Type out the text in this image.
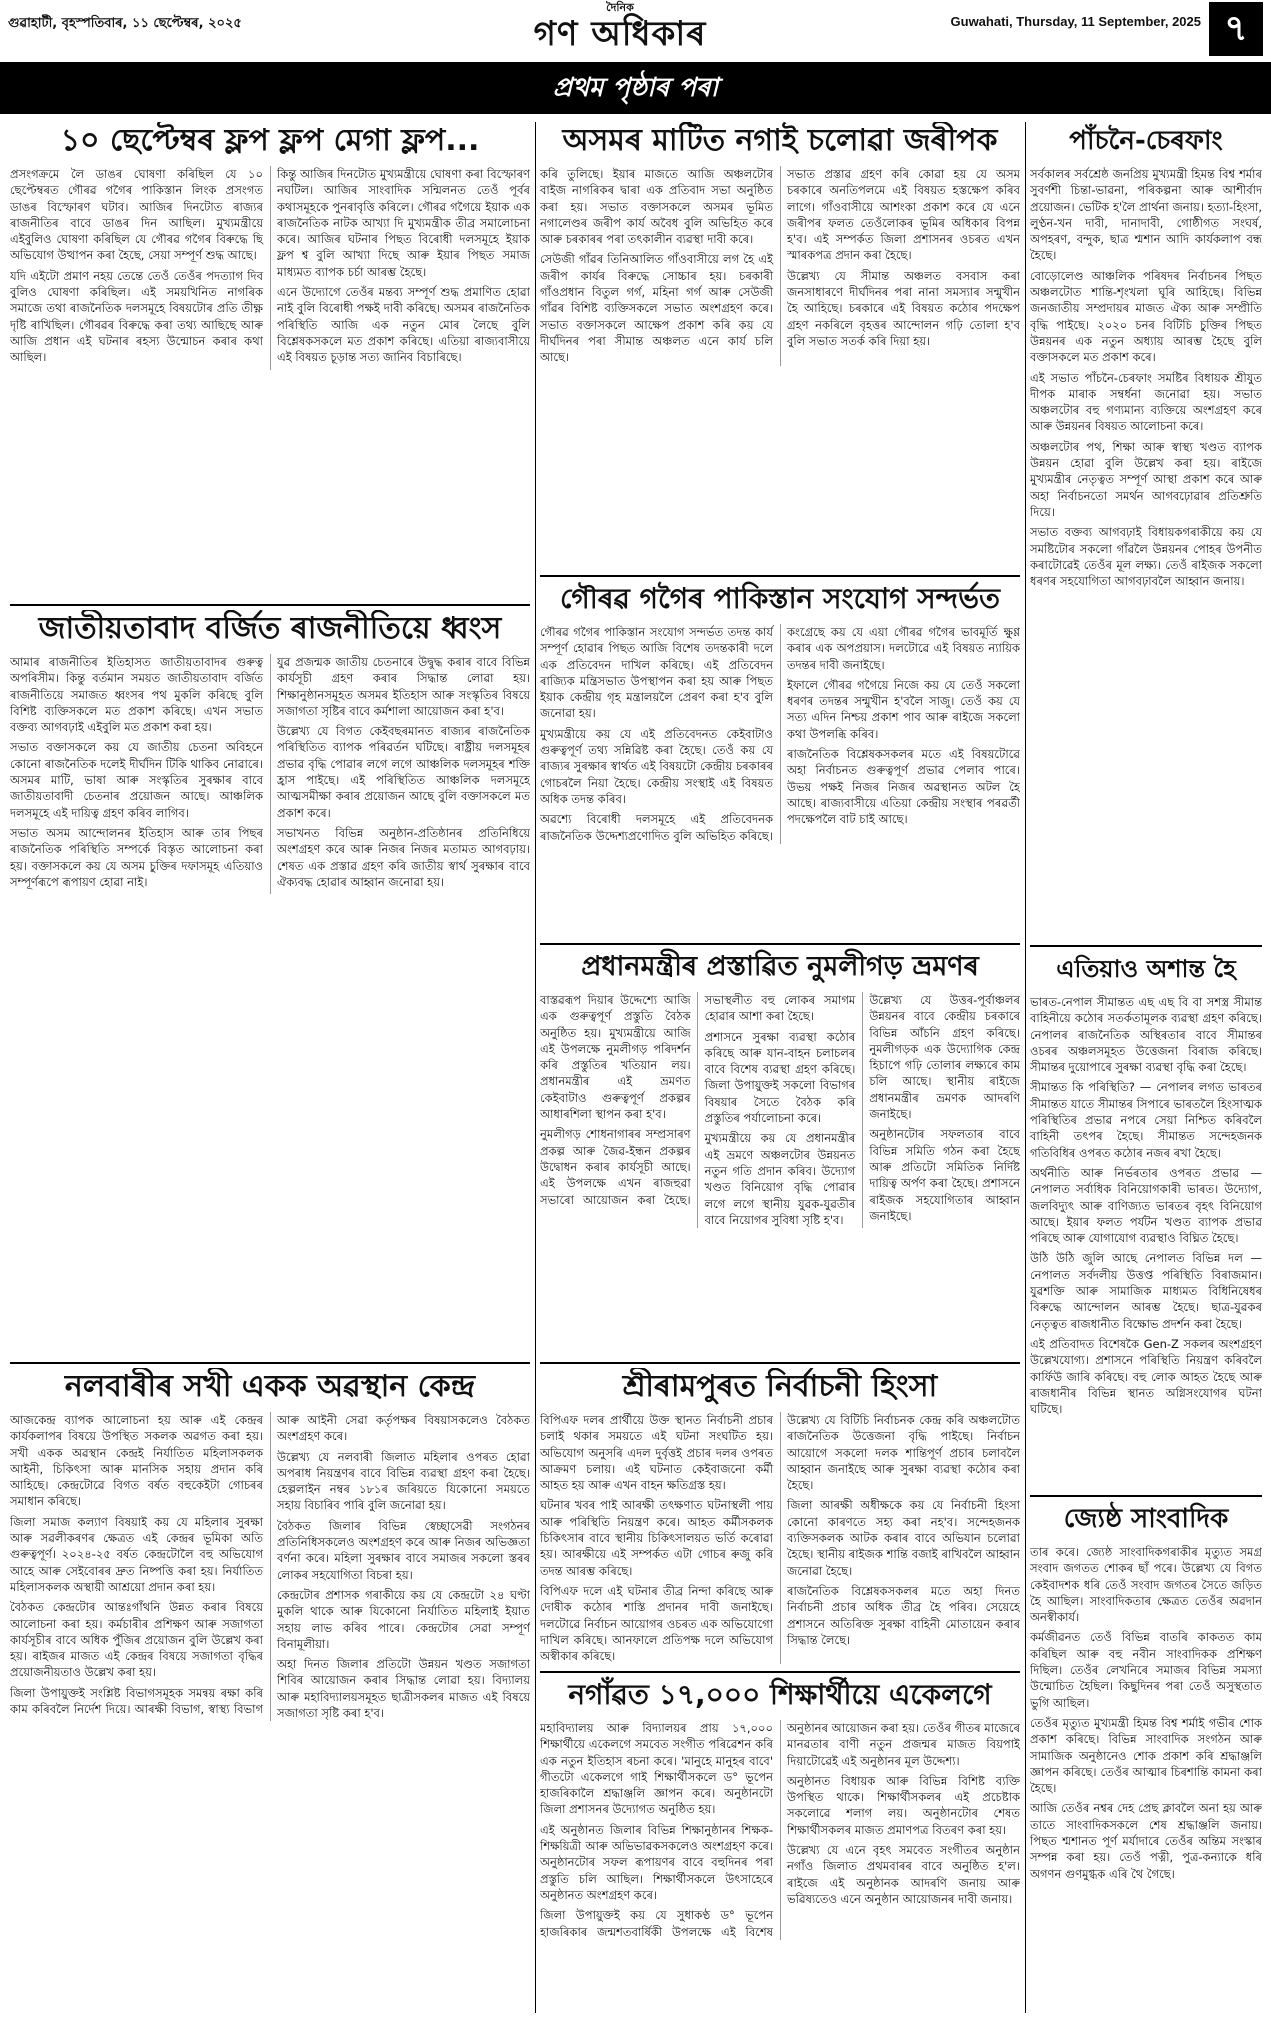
গুৱাহাটী, বৃহস্পতিবাৰ, ১১ ছেপ্টেম্বৰ, ২০২৫
দৈনিক
গণ অধিকাৰ	Guwahati, Thursday, 11 September, 2025 ৭
প্ৰথম পৃষ্ঠাৰ পৰা
১০ ছেপ্টেম্বৰ ফ্লপ ফ্লপ মেগা ফ্লপ...

প্ৰসংগক্ৰমে লৈ ডাঙৰ ঘোষণা কৰিছিল যে ১০ ছেপ্টেম্বৰত গৌৰৱ গগৈৰ পাকিস্তান লিংক প্ৰসংগত ডাঙৰ বিস্ফোৰণ ঘটাব। আজিৰ দিনটোত ৰাজ্যৰ ৰাজনীতিৰ বাবে ডাঙৰ দিন আছিল। মুখ্যমন্ত্ৰীয়ে এইবুলিও ঘোষণা কৰিছিল যে গৌৰৱ গগৈৰ বিৰুদ্ধে ছি অভিযোগ উত্থাপন কৰা হৈছে, সেয়া সম্পূৰ্ণ শুদ্ধ আছে।

যদি এইটো প্ৰমাণ নহয় তেন্তে তেওঁ তেওঁৰ পদত্যাগ দিব বুলিও ঘোষণা কৰিছিল। এই সময়খিনিত নাগৰিক সমাজে তথা ৰাজনৈতিক দলসমূহে বিষয়টোৰ প্ৰতি তীক্ষ্ণ দৃষ্টি ৰাখিছিল। গৌৰৱৰ বিৰুদ্ধে কৰা তথ্য আছিছে আৰু আজি প্ৰধান এই ঘটনাৰ ৰহস্য উন্মোচন কৰাৰ কথা আছিল।

কিন্তু আজিৰ দিনটোত মুখ্যমন্ত্ৰীয়ে ঘোষণা কৰা বিস্ফোৰণ নঘটিল। আজিৰ সাংবাদিক সন্মিলনত তেওঁ পূৰ্বৰ কথাসমূহকে পুনৰাবৃত্তি কৰিলে। গৌৰৱ গগৈয়ে ইয়াক এক ৰাজনৈতিক নাটক আখ্যা দি মুখ্যমন্ত্ৰীক তীব্ৰ সমালোচনা কৰে। আজিৰ ঘটনাৰ পিছত বিৰোধী দলসমূহে ইয়াক ফ্লপ শ্ব বুলি আখ্যা দিছে আৰু ইয়াৰ পিছত সমাজ মাধ্যমত ব্যাপক চৰ্চা আৰম্ভ হৈছে।

এনে উদ্যোগে তেওঁৰ মন্তব্য সম্পূৰ্ণ শুদ্ধ প্ৰমাণিত হোৱা নাই বুলি বিৰোধী পক্ষই দাবী কৰিছে। অসমৰ ৰাজনৈতিক পৰিস্থিতি আজি এক নতুন মোৰ লৈছে বুলি বিশ্লেষকসকলে মত প্ৰকাশ কৰিছে। এতিয়া ৰাজ্যবাসীয়ে এই বিষয়ত চূড়ান্ত সত্য জানিব বিচাৰিছে।

অসমৰ মাটিত নগাই চলোৱা জৰীপক

কৰি তুলিছে। ইয়াৰ মাজতে আজি অঞ্চলটোৰ বাইজ নাগৰিকৰ দ্বাৰা এক প্ৰতিবাদ সভা অনুষ্ঠিত কৰা হয়। সভাত বক্তাসকলে অসমৰ ভূমিত নগালেণ্ডৰ জৰীপ কাৰ্য অবৈধ বুলি অভিহিত কৰে আৰু চৰকাৰৰ পৰা তৎকালীন ব্যৱস্থা দাবী কৰে।

সেউজী গাঁৱৰ তিনিআলিত গাঁওবাসীয়ে লগ হৈ এই জৰীপ কাৰ্যৰ বিৰুদ্ধে সোচ্চাৰ হয়। চৰকাৰী গাঁওপ্ৰধান বিতুল গৰ্গ, মহিনা গৰ্গ আৰু সেউজী গাঁৱৰ বিশিষ্ট ব্যক্তিসকলে সভাত অংশগ্ৰহণ কৰে। সভাত বক্তাসকলে আক্ষেপ প্ৰকাশ কৰি কয় যে দীৰ্ঘদিনৰ পৰা সীমান্ত অঞ্চলত এনে কাৰ্য চলি আছে।

সভাত প্ৰস্তাৱ গ্ৰহণ কৰি কোৱা হয় যে অসম চৰকাৰে অনতিপলমে এই বিষয়ত হস্তক্ষেপ কৰিব লাগে। গাঁওবাসীয়ে আশংকা প্ৰকাশ কৰে যে এনে জৰীপৰ ফলত তেওঁলোকৰ ভূমিৰ অধিকাৰ বিপন্ন হ'ব। এই সম্পৰ্কত জিলা প্ৰশাসনৰ ওচৰত এখন স্মাৰকপত্ৰ প্ৰদান কৰা হৈছে।

উল্লেখ্য যে সীমান্ত অঞ্চলত বসবাস কৰা জনসাধাৰণে দীৰ্ঘদিনৰ পৰা নানা সমস্যাৰ সন্মুখীন হৈ আহিছে। চৰকাৰে এই বিষয়ত কঠোৰ পদক্ষেপ গ্ৰহণ নকৰিলে বৃহত্তৰ আন্দোলন গঢ়ি তোলা হ'ব বুলি সভাত সতৰ্ক কৰি দিয়া হয়।

পাঁচনৈ-চেৰফাং

সৰ্বকালৰ সৰ্বশ্ৰেষ্ঠ জনপ্ৰিয় মুখ্যমন্ত্ৰী হিমন্ত বিশ্ব শৰ্মাৰ সুবৰ্ণশী চিন্তা-ভাৱনা, পৰিকল্পনা আৰু আশীৰ্বাদ প্ৰয়োজন। ভেটিক হ'লৈ প্ৰাৰ্থনা জনায়। হত্যা-হিংসা, লুণ্ঠন-খন দাবী, দানাদাবী, গোষ্ঠীগত সংঘৰ্ষ, অপহৰণ, বন্দুক, ছাত্ৰ শ্মশান আদি কাৰ্যকলাপ বন্ধ হৈছে।

বোড়োলেণ্ড আঞ্চলিক পৰিষদৰ নিৰ্বাচনৰ পিছত অঞ্চলটোত শান্তি-শৃংখলা ঘূৰি আহিছে। বিভিন্ন জনজাতীয় সম্প্ৰদায়ৰ মাজত ঐক্য আৰু সম্প্ৰীতি বৃদ্ধি পাইছে। ২০২০ চনৰ বিটিচি চুক্তিৰ পিছত উন্নয়নৰ এক নতুন অধ্যায় আৰম্ভ হৈছে বুলি বক্তাসকলে মত প্ৰকাশ কৰে।

এই সভাত পাঁচনৈ-চেৰফাং সমষ্টিৰ বিধায়ক শ্ৰীযুত দীপক মাৰাক সম্বৰ্ধনা জনোৱা হয়। সভাত অঞ্চলটোৰ বহু গণ্যমান্য ব্যক্তিয়ে অংশগ্ৰহণ কৰে আৰু উন্নয়নৰ বিষয়ত আলোচনা কৰে।

অঞ্চলটোৰ পথ, শিক্ষা আৰু স্বাস্থ্য খণ্ডত ব্যাপক উন্নয়ন হোৱা বুলি উল্লেখ কৰা হয়। ৰাইজে মুখ্যমন্ত্ৰীৰ নেতৃত্বত সম্পূৰ্ণ আস্থা প্ৰকাশ কৰে আৰু অহা নিৰ্বাচনতো সমৰ্থন আগবঢ়োৱাৰ প্ৰতিশ্ৰুতি দিয়ে।

সভাত বক্তব্য আগবঢ়াই বিধায়কগৰাকীয়ে কয় যে সমষ্টিটোৰ সকলো গাঁৱলৈ উন্নয়নৰ পোহৰ উপনীত কৰাটোৱেই তেওঁৰ মূল লক্ষ্য। তেওঁ ৰাইজক সকলো ধৰণৰ সহযোগিতা আগবঢ়াবলৈ আহ্বান জনায়।

গৌৰৱ গগৈৰ পাকিস্তান সংযোগ সন্দৰ্ভত

গৌৰৱ গগৈৰ পাকিস্তান সংযোগ সন্দৰ্ভত তদন্ত কাৰ্য সম্পূৰ্ণ হোৱাৰ পিছত আজি বিশেষ তদন্তকাৰী দলে এক প্ৰতিবেদন দাখিল কৰিছে। এই প্ৰতিবেদন ৰাজ্যিক মন্ত্ৰিসভাত উপস্থাপন কৰা হয় আৰু পিছত ইয়াক কেন্দ্ৰীয় গৃহ মন্ত্ৰালয়লৈ প্ৰেৰণ কৰা হ'ব বুলি জনোৱা হয়।

মুখ্যমন্ত্ৰীয়ে কয় যে এই প্ৰতিবেদনত কেইবাটাও গুৰুত্বপূৰ্ণ তথ্য সন্নিৱিষ্ট কৰা হৈছে। তেওঁ কয় যে ৰাজ্যৰ সুৰক্ষাৰ স্বাৰ্থত এই বিষয়টো কেন্দ্ৰীয় চৰকাৰৰ গোচৰলৈ নিয়া হৈছে। কেন্দ্ৰীয় সংস্থাই এই বিষয়ত অধিক তদন্ত কৰিব।

অৱশ্যে বিৰোধী দলসমূহে এই প্ৰতিবেদনক ৰাজনৈতিক উদ্দেশ্যপ্ৰণোদিত বুলি অভিহিত কৰিছে। কংগ্ৰেছে কয় যে এয়া গৌৰৱ গগৈৰ ভাবমূৰ্তি ক্ষুণ্ণ কৰাৰ এক অপপ্ৰয়াস। দলটোৱে এই বিষয়ত ন্যায়িক তদন্তৰ দাবী জনাইছে।

ইফালে গৌৰৱ গগৈয়ে নিজে কয় যে তেওঁ সকলো ধৰণৰ তদন্তৰ সন্মুখীন হ'বলৈ সাজু। তেওঁ কয় যে সত্য এদিন নিশ্চয় প্ৰকাশ পাব আৰু ৰাইজে সকলো কথা উপলব্ধি কৰিব।

ৰাজনৈতিক বিশ্লেষকসকলৰ মতে এই বিষয়টোৱে অহা নিৰ্বাচনত গুৰুত্বপূৰ্ণ প্ৰভাৱ পেলাব পাৰে। উভয় পক্ষই নিজৰ নিজৰ অৱস্থানত অটল হৈ আছে। ৰাজ্যবাসীয়ে এতিয়া কেন্দ্ৰীয় সংস্থাৰ পৰৱৰ্তী পদক্ষেপলৈ বাট চাই আছে।

জাতীয়তাবাদ বৰ্জিত ৰাজনীতিয়ে ধ্বংস

আমাৰ ৰাজনীতিৰ ইতিহাসত জাতীয়তাবাদৰ গুৰুত্ব অপৰিসীম। কিন্তু বৰ্তমান সময়ত জাতীয়তাবাদ বৰ্জিত ৰাজনীতিয়ে সমাজত ধ্বংসৰ পথ মুকলি কৰিছে বুলি বিশিষ্ট ব্যক্তিসকলে মত প্ৰকাশ কৰিছে। এখন সভাত বক্তব্য আগবঢ়াই এইবুলি মত প্ৰকাশ কৰা হয়।

সভাত বক্তাসকলে কয় যে জাতীয় চেতনা অবিহনে কোনো ৰাজনৈতিক দলেই দীৰ্ঘদিন টিকি থাকিব নোৱাৰে। অসমৰ মাটি, ভাষা আৰু সংস্কৃতিৰ সুৰক্ষাৰ বাবে জাতীয়তাবাদী চেতনাৰ প্ৰয়োজন আছে। আঞ্চলিক দলসমূহে এই দায়িত্ব গ্ৰহণ কৰিব লাগিব।

সভাত অসম আন্দোলনৰ ইতিহাস আৰু তাৰ পিছৰ ৰাজনৈতিক পৰিস্থিতি সম্পৰ্কে বিস্তৃত আলোচনা কৰা হয়। বক্তাসকলে কয় যে অসম চুক্তিৰ দফাসমূহ এতিয়াও সম্পূৰ্ণৰূপে ৰূপায়ণ হোৱা নাই।

যুৱ প্ৰজন্মক জাতীয় চেতনাৰে উদ্বুদ্ধ কৰাৰ বাবে বিভিন্ন কাৰ্যসূচী গ্ৰহণ কৰাৰ সিদ্ধান্ত লোৱা হয়। শিক্ষানুষ্ঠানসমূহত অসমৰ ইতিহাস আৰু সংস্কৃতিৰ বিষয়ে সজাগতা সৃষ্টিৰ বাবে কৰ্মশালা আয়োজন কৰা হ'ব।

উল্লেখ্য যে বিগত কেইবছৰমানত ৰাজ্যৰ ৰাজনৈতিক পৰিস্থিতিত ব্যাপক পৰিৱৰ্তন ঘটিছে। ৰাষ্ট্ৰীয় দলসমূহৰ প্ৰভাৱ বৃদ্ধি পোৱাৰ লগে লগে আঞ্চলিক দলসমূহৰ শক্তি হ্ৰাস পাইছে। এই পৰিস্থিতিত আঞ্চলিক দলসমূহে আত্মসমীক্ষা কৰাৰ প্ৰয়োজন আছে বুলি বক্তাসকলে মত প্ৰকাশ কৰে।

সভাখনত বিভিন্ন অনুষ্ঠান-প্ৰতিষ্ঠানৰ প্ৰতিনিধিয়ে অংশগ্ৰহণ কৰে আৰু নিজৰ নিজৰ মতামত আগবঢ়ায়। শেষত এক প্ৰস্তাৱ গ্ৰহণ কৰি জাতীয় স্বাৰ্থ সুৰক্ষাৰ বাবে ঐক্যবদ্ধ হোৱাৰ আহ্বান জনোৱা হয়।

প্ৰধানমন্ত্ৰীৰ প্ৰস্তাৱিত নুমলীগড় ভ্ৰমণৰ

বাস্তৱৰূপ দিয়াৰ উদ্দেশ্যে আজি এক গুৰুত্বপূৰ্ণ প্ৰস্তুতি বৈঠক অনুষ্ঠিত হয়। মুখ্যমন্ত্ৰীয়ে আজি এই উপলক্ষে নুমলীগড় পৰিদৰ্শন কৰি প্ৰস্তুতিৰ খতিয়ান লয়। প্ৰধানমন্ত্ৰীৰ এই ভ্ৰমণত কেইবাটাও গুৰুত্বপূৰ্ণ প্ৰকল্পৰ আধাৰশিলা স্থাপন কৰা হ'ব।

নুমলীগড় শোধনাগাৰৰ সম্প্ৰসাৰণ প্ৰকল্প আৰু জৈৱ-ইন্ধন প্ৰকল্পৰ উদ্বোধন কৰাৰ কাৰ্যসূচী আছে। এই উপলক্ষে এখন ৰাজহুৱা সভাৰো আয়োজন কৰা হৈছে। সভাস্থলীত বহু লোকৰ সমাগম হোৱাৰ আশা কৰা হৈছে।

প্ৰশাসনে সুৰক্ষা ব্যৱস্থা কঠোৰ কৰিছে আৰু যান-বাহন চলাচলৰ বাবে বিশেষ ব্যৱস্থা গ্ৰহণ কৰিছে। জিলা উপায়ুক্তই সকলো বিভাগৰ বিষয়াৰ সৈতে বৈঠক কৰি প্ৰস্তুতিৰ পৰ্যালোচনা কৰে।

মুখ্যমন্ত্ৰীয়ে কয় যে প্ৰধানমন্ত্ৰীৰ এই ভ্ৰমণে অঞ্চলটোৰ উন্নয়নত নতুন গতি প্ৰদান কৰিব। উদ্যোগ খণ্ডত বিনিয়োগ বৃদ্ধি পোৱাৰ লগে লগে স্থানীয় যুৱক-যুৱতীৰ বাবে নিয়োগৰ সুবিধা সৃষ্টি হ'ব।

উল্লেখ্য যে উত্তৰ-পূৰ্বাঞ্চলৰ উন্নয়নৰ বাবে কেন্দ্ৰীয় চৰকাৰে বিভিন্ন আঁচনি গ্ৰহণ কৰিছে। নুমলীগড়ক এক উদ্যোগিক কেন্দ্ৰ হিচাপে গঢ়ি তোলাৰ লক্ষ্যৰে কাম চলি আছে। স্থানীয় ৰাইজে প্ৰধানমন্ত্ৰীৰ ভ্ৰমণক আদৰণি জনাইছে।

অনুষ্ঠানটোৰ সফলতাৰ বাবে বিভিন্ন সমিতি গঠন কৰা হৈছে আৰু প্ৰতিটো সমিতিক নিৰ্দিষ্ট দায়িত্ব অৰ্পণ কৰা হৈছে। প্ৰশাসনে ৰাইজক সহযোগিতাৰ আহ্বান জনাইছে।

এতিয়াও অশান্ত হৈ

ভাৰত-নেপাল সীমান্তত এছ এছ বি বা সশস্ত্ৰ সীমান্ত বাহিনীয়ে কঠোৰ সতৰ্কতামূলক ব্যৱস্থা গ্ৰহণ কৰিছে। নেপালৰ ৰাজনৈতিক অস্থিৰতাৰ বাবে সীমান্তৰ ওচৰৰ অঞ্চলসমূহত উত্তেজনা বিৰাজ কৰিছে। সীমান্তৰ দুয়োপাৰে সুৰক্ষা ব্যৱস্থা বৃদ্ধি কৰা হৈছে।

সীমান্তত কি পৰিস্থিতি? — নেপালৰ লগত ভাৰতৰ সীমান্তত যাতে সীমান্তৰ সিপাৰে ভাৰতলৈ হিংসাত্মক পৰিস্থিতিৰ প্ৰভাৱ নপৰে সেয়া নিশ্চিত কৰিবলৈ বাহিনী তৎপৰ হৈছে। সীমান্তত সন্দেহজনক গতিবিধিৰ ওপৰত কঠোৰ নজৰ ৰখা হৈছে।

অৰ্থনীতি আৰু নিৰ্ভৰতাৰ ওপৰত প্ৰভাৱ — নেপালত সৰ্বাধিক বিনিয়োগকাৰী ভাৰত। উদ্যোগ, জলবিদ্যুৎ আৰু বাণিজ্যত ভাৰতৰ বৃহৎ বিনিয়োগ আছে। ইয়াৰ ফলত পৰ্যটন খণ্ডত ব্যাপক প্ৰভাৱ পৰিছে আৰু যোগাযোগ ব্যৱস্থাও বিঘ্নিত হৈছে।

উঠি উঠি জুলি আছে নেপালত বিভিন্ন দল — নেপালত সৰ্বদলীয় উত্তপ্ত পৰিস্থিতি বিৰাজমান। যুৱশক্তি আৰু সামাজিক মাধ্যমত বিধিনিষেধৰ বিৰুদ্ধে আন্দোলন আৰম্ভ হৈছে। ছাত্ৰ-যুৱকৰ নেতৃত্বত ৰাজধানীত বিক্ষোভ প্ৰদৰ্শন কৰা হৈছে।

এই প্ৰতিবাদত বিশেষকৈ Gen-Z সকলৰ অংশগ্ৰহণ উল্লেখযোগ্য। প্ৰশাসনে পৰিস্থিতি নিয়ন্ত্ৰণ কৰিবলৈ কাৰ্ফিউ জাৰি কৰিছে। বহু লোক আহত হৈছে আৰু ৰাজধানীৰ বিভিন্ন স্থানত অগ্নিসংযোগৰ ঘটনা ঘটিছে।

নলবাৰীৰ সখী একক অৱস্থান কেন্দ্ৰ

আজকেন্দ্ৰ ব্যাপক আলোচনা হয় আৰু এই কেন্দ্ৰৰ কাৰ্যকলাপৰ বিষয়ে উপস্থিত সকলক অৱগত কৰা হয়। সখী একক অৱস্থান কেন্দ্ৰই নিৰ্যাতিত মহিলাসকলক আইনী, চিকিৎসা আৰু মানসিক সহায় প্ৰদান কৰি আহিছে। কেন্দ্ৰটোৱে বিগত বৰ্ষত বহুকেইটা গোচৰৰ সমাধান কৰিছে।

জিলা সমাজ কল্যাণ বিষয়াই কয় যে মহিলাৰ সুৰক্ষা আৰু সৱলীকৰণৰ ক্ষেত্ৰত এই কেন্দ্ৰৰ ভূমিকা অতি গুৰুত্বপূৰ্ণ। ২০২৪-২৫ বৰ্ষত কেন্দ্ৰটোলৈ বহু অভিযোগ আহে আৰু সেইবোৰৰ দ্ৰুত নিষ্পত্তি কৰা হয়। নিৰ্যাতিত মহিলাসকলক অস্থায়ী আশ্ৰয়ো প্ৰদান কৰা হয়।

বৈঠকত কেন্দ্ৰটোৰ আন্তঃগাঁথনি উন্নত কৰাৰ বিষয়ে আলোচনা কৰা হয়। কৰ্মচাৰীৰ প্ৰশিক্ষণ আৰু সজাগতা কাৰ্যসূচীৰ বাবে অধিক পুঁজিৰ প্ৰয়োজন বুলি উল্লেখ কৰা হয়। ৰাইজৰ মাজত এই কেন্দ্ৰৰ বিষয়ে সজাগতা বৃদ্ধিৰ প্ৰয়োজনীয়তাও উল্লেখ কৰা হয়।

জিলা উপায়ুক্তই সংশ্লিষ্ট বিভাগসমূহক সমন্বয় ৰক্ষা কৰি কাম কৰিবলৈ নিৰ্দেশ দিয়ে। আৰক্ষী বিভাগ, স্বাস্থ্য বিভাগ আৰু আইনী সেৱা কৰ্তৃপক্ষৰ বিষয়াসকলেও বৈঠকত অংশগ্ৰহণ কৰে।

উল্লেখ্য যে নলবাৰী জিলাত মহিলাৰ ওপৰত হোৱা অপৰাধ নিয়ন্ত্ৰণৰ বাবে বিভিন্ন ব্যৱস্থা গ্ৰহণ কৰা হৈছে। হেল্পলাইন নম্বৰ ১৮১ৰ জৰিয়তে যিকোনো সময়তে সহায় বিচাৰিব পাৰি বুলি জনোৱা হয়।

বৈঠকত জিলাৰ বিভিন্ন স্বেচ্ছাসেৱী সংগঠনৰ প্ৰতিনিধিসকলেও অংশগ্ৰহণ কৰে আৰু নিজৰ অভিজ্ঞতা বৰ্ণনা কৰে। মহিলা সুৰক্ষাৰ বাবে সমাজৰ সকলো স্তৰৰ লোকৰ সহযোগিতা বিচৰা হয়।

কেন্দ্ৰটোৰ প্ৰশাসক গৰাকীয়ে কয় যে কেন্দ্ৰটো ২৪ ঘণ্টা মুকলি থাকে আৰু যিকোনো নিৰ্যাতিত মহিলাই ইয়াত সহায় লাভ কৰিব পাৰে। কেন্দ্ৰটোৰ সেৱা সম্পূৰ্ণ বিনামূলীয়া।

অহা দিনত জিলাৰ প্ৰতিটো উন্নয়ন খণ্ডত সজাগতা শিবিৰ আয়োজন কৰাৰ সিদ্ধান্ত লোৱা হয়। বিদ্যালয় আৰু মহাবিদ্যালয়সমূহত ছাত্ৰীসকলৰ মাজত এই বিষয়ে সজাগতা সৃষ্টি কৰা হ'ব।

শ্ৰীৰামপুৰত নিৰ্বাচনী হিংসা

বিপিএফ দলৰ প্ৰাৰ্থীয়ে উক্ত স্থানত নিৰ্বাচনী প্ৰচাৰ চলাই থকাৰ সময়তে এই ঘটনা সংঘটিত হয়। অভিযোগ অনুসৰি এদল দুৰ্বৃত্তই প্ৰচাৰ দলৰ ওপৰত আক্ৰমণ চলায়। এই ঘটনাত কেইবাজনো কৰ্মী আহত হয় আৰু এখন বাহন ক্ষতিগ্ৰস্ত হয়।

ঘটনাৰ খবৰ পাই আৰক্ষী তৎক্ষণাত ঘটনাস্থলী পায় আৰু পৰিস্থিতি নিয়ন্ত্ৰণ কৰে। আহত কৰ্মীসকলক চিকিৎসাৰ বাবে স্থানীয় চিকিৎসালয়ত ভৰ্তি কৰোৱা হয়। আৰক্ষীয়ে এই সম্পৰ্কত এটা গোচৰ ৰুজু কৰি তদন্ত আৰম্ভ কৰিছে।

বিপিএফ দলে এই ঘটনাৰ তীব্ৰ নিন্দা কৰিছে আৰু দোষীক কঠোৰ শাস্তি প্ৰদানৰ দাবী জনাইছে। দলটোৱে নিৰ্বাচন আয়োগৰ ওচৰত এক অভিযোগো দাখিল কৰিছে। আনফালে প্ৰতিপক্ষ দলে অভিযোগ অস্বীকাৰ কৰিছে।

উল্লেখ্য যে বিটিচি নিৰ্বাচনক কেন্দ্ৰ কৰি অঞ্চলটোত ৰাজনৈতিক উত্তেজনা বৃদ্ধি পাইছে। নিৰ্বাচন আয়োগে সকলো দলক শান্তিপূৰ্ণ প্ৰচাৰ চলাবলৈ আহ্বান জনাইছে আৰু সুৰক্ষা ব্যৱস্থা কঠোৰ কৰা হৈছে।

জিলা আৰক্ষী অধীক্ষকে কয় যে নিৰ্বাচনী হিংসা কোনো কাৰণতে সহ্য কৰা নহ'ব। সন্দেহজনক ব্যক্তিসকলক আটক কৰাৰ বাবে অভিযান চলোৱা হৈছে। স্থানীয় ৰাইজক শান্তি বজাই ৰাখিবলৈ আহ্বান জনোৱা হৈছে।

ৰাজনৈতিক বিশ্লেষকসকলৰ মতে অহা দিনত নিৰ্বাচনী প্ৰচাৰ অধিক তীব্ৰ হৈ পৰিব। সেয়েহে প্ৰশাসনে অতিৰিক্ত সুৰক্ষা বাহিনী মোতায়েন কৰাৰ সিদ্ধান্ত লৈছে।

জ্যেষ্ঠ সাংবাদিক

তাৰ কৰে। জ্যেষ্ঠ সাংবাদিকগৰাকীৰ মৃত্যুত সমগ্ৰ সংবাদ জগতত শোকৰ ছাঁ পৰে। উল্লেখ্য যে বিগত কেইবাদশক ধৰি তেওঁ সংবাদ জগতৰ সৈতে জড়িত হৈ আছিল। সাংবাদিকতাৰ ক্ষেত্ৰত তেওঁৰ অৱদান অনস্বীকাৰ্য।

কৰ্মজীৱনত তেওঁ বিভিন্ন বাতৰি কাকতত কাম কৰিছিল আৰু বহু নবীন সাংবাদিকক প্ৰশিক্ষণ দিছিল। তেওঁৰ লেখনিৰে সমাজৰ বিভিন্ন সমস্যা উন্মোচিত হৈছিল। কিছুদিনৰ পৰা তেওঁ অসুস্থতাত ভুগি আছিল।

তেওঁৰ মৃত্যুত মুখ্যমন্ত্ৰী হিমন্ত বিশ্ব শৰ্মাই গভীৰ শোক প্ৰকাশ কৰিছে। বিভিন্ন সাংবাদিক সংগঠন আৰু সামাজিক অনুষ্ঠানেও শোক প্ৰকাশ কৰি শ্ৰদ্ধাঞ্জলি জ্ঞাপন কৰিছে। তেওঁৰ আত্মাৰ চিৰশান্তি কামনা কৰা হৈছে।

আজি তেওঁৰ নশ্বৰ দেহ প্ৰেছ ক্লাবলৈ অনা হয় আৰু তাতে সাংবাদিকসকলে শেষ শ্ৰদ্ধাঞ্জলি জনায়। পিছত শ্মশানত পূৰ্ণ মৰ্যাদাৰে তেওঁৰ অন্তিম সংস্কাৰ সম্পন্ন কৰা হয়। তেওঁ পত্নী, পুত্ৰ-কন্যাকে ধৰি অগণন গুণমুগ্ধক এৰি থৈ গৈছে।

নগাঁৱত ১৭,০০০ শিক্ষাৰ্থীয়ে একেলগে

মহাবিদ্যালয় আৰু বিদ্যালয়ৰ প্ৰায় ১৭,০০০ শিক্ষাৰ্থীয়ে একেলগে সমবেত সংগীত পৰিৱেশন কৰি এক নতুন ইতিহাস ৰচনা কৰে। 'মানুহে মানুহৰ বাবে' গীতটো একেলগে গাই শিক্ষাৰ্থীসকলে ড° ভূপেন হাজৰিকালৈ শ্ৰদ্ধাঞ্জলি জ্ঞাপন কৰে। অনুষ্ঠানটো জিলা প্ৰশাসনৰ উদ্যোগত অনুষ্ঠিত হয়।

এই অনুষ্ঠানত জিলাৰ বিভিন্ন শিক্ষানুষ্ঠানৰ শিক্ষক-শিক্ষয়িত্ৰী আৰু অভিভাৱকসকলেও অংশগ্ৰহণ কৰে। অনুষ্ঠানটোৰ সফল ৰূপায়ণৰ বাবে বহুদিনৰ পৰা প্ৰস্তুতি চলি আছিল। শিক্ষাৰ্থীসকলে উৎসাহেৰে অনুষ্ঠানত অংশগ্ৰহণ কৰে।

জিলা উপায়ুক্তই কয় যে সুধাকণ্ঠ ড° ভূপেন হাজৰিকাৰ জন্মশতবাৰ্ষিকী উপলক্ষে এই বিশেষ অনুষ্ঠানৰ আয়োজন কৰা হয়। তেওঁৰ গীতৰ মাজেৰে মানৱতাৰ বাণী নতুন প্ৰজন্মৰ মাজত বিয়পাই দিয়াটোৱেই এই অনুষ্ঠানৰ মূল উদ্দেশ্য।

অনুষ্ঠানত বিধায়ক আৰু বিভিন্ন বিশিষ্ট ব্যক্তি উপস্থিত থাকে। শিক্ষাৰ্থীসকলৰ এই প্ৰচেষ্টাক সকলোৱে শলাগ লয়। অনুষ্ঠানটোৰ শেষত শিক্ষাৰ্থীসকলৰ মাজত প্ৰমাণপত্ৰ বিতৰণ কৰা হয়।

উল্লেখ্য যে এনে বৃহৎ সমবেত সংগীতৰ অনুষ্ঠান নগাঁও জিলাত প্ৰথমবাৰৰ বাবে অনুষ্ঠিত হ'ল। ৰাইজে এই অনুষ্ঠানক আদৰণি জনায় আৰু ভৱিষ্যতেও এনে অনুষ্ঠান আয়োজনৰ দাবী জনায়।
